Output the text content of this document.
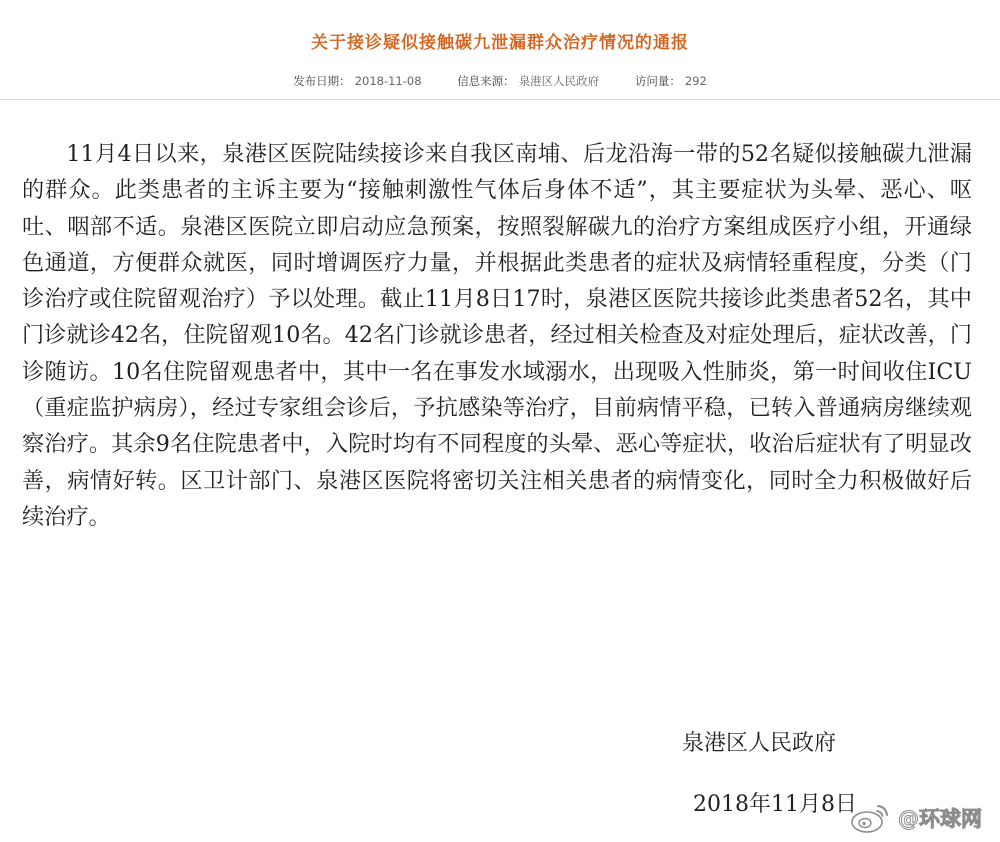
关于接诊疑似接触碳九泄漏群众治疗情况的通报
发布日期： 2018-11-08	信息来源： 泉港区人民政府	访问量： 292

11月4日以来，泉港区医院陆续接诊来自我区南埔、后龙沿海一带的52名疑似接触碳九泄漏的群众。此类患者的主诉主要为“接触刺激性气体后身体不适”，其主要症状为头晕、恶心、呕吐、咽部不适。泉港区医院立即启动应急预案，按照裂解碳九的治疗方案组成医疗小组，开通绿色通道，方便群众就医，同时增调医疗力量，并根据此类患者的症状及病情轻重程度，分类（门诊治疗或住院留观治疗）予以处理。截止11月8日17时，泉港区医院共接诊此类患者52名，其中门诊就诊42名，住院留观10名。42名门诊就诊患者，经过相关检查及对症处理后，症状改善，门诊随访。10名住院留观患者中，其中一名在事发水域溺水，出现吸入性肺炎，第一时间收住ICU（重症监护病房），经过专家组会诊后，予抗感染等治疗，目前病情平稳，已转入普通病房继续观察治疗。其余9名住院患者中，入院时均有不同程度的头晕、恶心等症状，收治后症状有了明显改善，病情好转。区卫计部门、泉港区医院将密切关注相关患者的病情变化，同时全力积极做好后续治疗。

泉港区人民政府
2018年11月8日
@环球网
